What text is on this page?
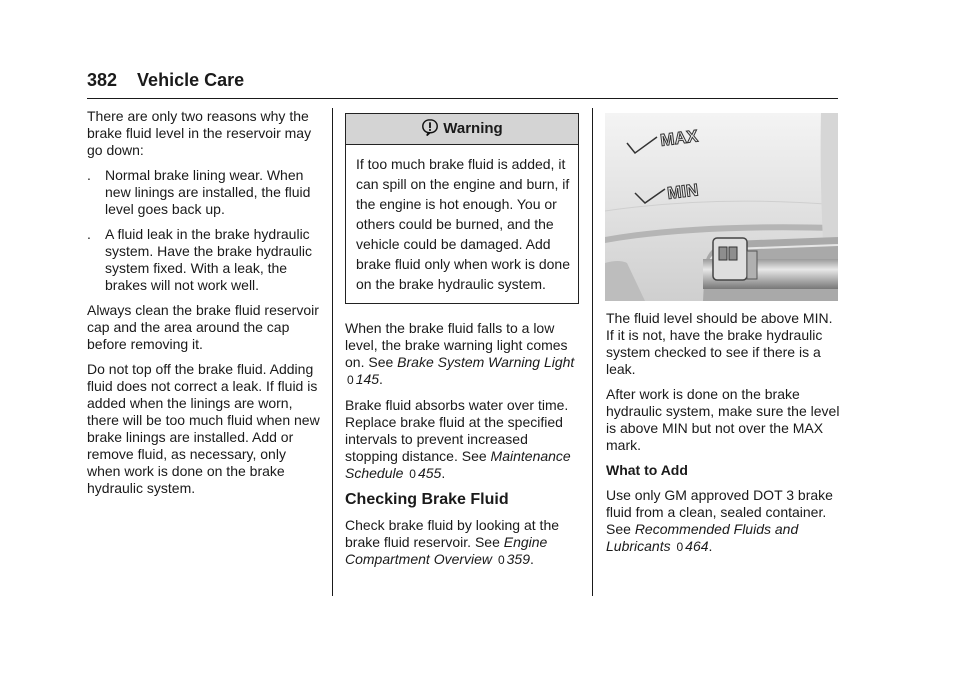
382 Vehicle Care

There are only two reasons why the brake fluid level in the reservoir may go down:

.	Normal brake lining wear. When new linings are installed, the fluid level goes back up.
.	A fluid leak in the brake hydraulic system. Have the brake hydraulic system fixed. With a leak, the brakes will not work well.

Always clean the brake fluid reservoir cap and the area around the cap before removing it.

Do not top off the brake fluid. Adding fluid does not correct a leak. If fluid is added when the linings are worn, there will be too much fluid when new brake linings are installed. Add or remove fluid, as necessary, only when work is done on the brake hydraulic system.

Warning
If too much brake fluid is added, it can spill on the engine and burn, if the engine is hot enough. You or others could be burned, and the vehicle could be damaged. Add brake fluid only when work is done on the brake hydraulic system.

When the brake fluid falls to a low level, the brake warning light comes on. See Brake System Warning Light 0 145.

Brake fluid absorbs water over time. Replace brake fluid at the specified intervals to prevent increased stopping distance. See Maintenance Schedule 0 455.

Checking Brake Fluid

Check brake fluid by looking at the brake fluid reservoir. See Engine Compartment Overview 0 359.

MAX
MIN

The fluid level should be above MIN. If it is not, have the brake hydraulic system checked to see if there is a leak.

After work is done on the brake hydraulic system, make sure the level is above MIN but not over the MAX mark.

What to Add

Use only GM approved DOT 3 brake fluid from a clean, sealed container. See Recommended Fluids and Lubricants 0 464.
